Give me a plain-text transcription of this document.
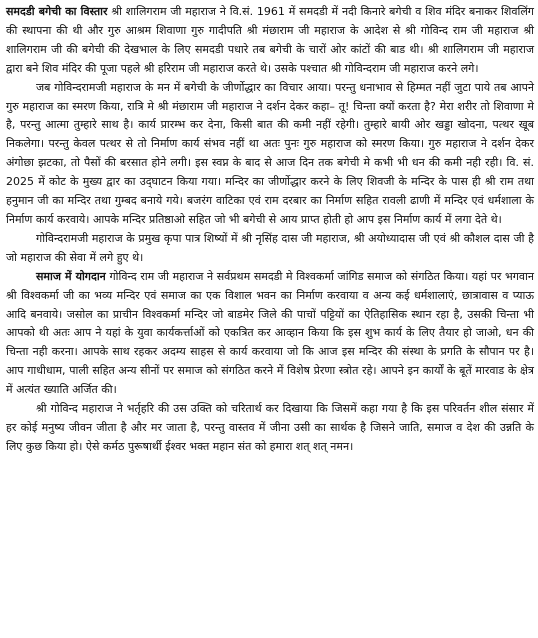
समदडी बगेची का विस्तार श्री शालिगराम जी महाराज ने वि.सं. 1961 में समदडी में नदी किनारे बगेची व शिव मंदिर बनाकर शिवलिंग की स्थापना की थी और गुरु आश्रम शिवाणा गुरु गादीपति श्री मंछाराम जी महाराज के आदेश से श्री गोविन्द राम जी महाराज श्री शालिगराम जी की बगेची की देखभाल के लिए समदडी पधारे तब बगेची के चारों ओर कांटों की बाड थी। श्री शालिगराम जी महाराज द्वारा बने शिव मंदिर की पूजा पहले श्री हरिराम जी महाराज करते थे। उसके पश्चात श्री गोविन्दराम जी महाराज करने लगे।

जब गोविन्दरामजी महाराज के मन में बगेची के जीर्णोद्धार का विचार आया। परन्तु धनाभाव से हिम्मत नहीं जुटा पाये तब आपने गुरु महाराज का स्मरण किया, रात्रि मे श्री मंछाराम जी महाराज ने दर्शन देकर कहा– तू! चिन्ता क्यों करता है? मेरा शरीर तो शिवाणा मे है, परन्तु आत्मा तुम्हारे साथ है। कार्य प्रारम्भ कर देना, किसी बात की कमी नहीं रहेगी। तुम्हारे बायी ओर खड्डा खोदना, पत्थर खूब निकलेगा। परन्तु केवल पत्थर से तो निर्माण कार्य संभव नहीं था अतः पुनः गुरु महाराज को स्मरण किया। गुरु महाराज ने दर्शन देकर अंगोछा झटका, तो पैसों की बरसात होने लगी। इस स्वप्न के बाद से आज दिन तक बगेची मे कभी भी धन की कमी नही रही। वि. सं. 2025 में कोट के मुख्य द्वार का उद्‌घाटन किया गया। मन्दिर का जीर्णोद्धार करने के लिए शिवजी के मन्दिर के पास ही श्री राम तथा हनुमान जी का मन्दिर तथा गुम्बद बनाये गये। बजरंग वाटिका एवं राम दरबार का निर्माण सहित रावली ढाणी में मन्दिर एवं धर्मशाला के निर्माण कार्य करवाये। आपके मन्दिर प्रतिष्ठाओ सहित जो भी बगेची से आय प्राप्त होती हो आप इस निर्माण कार्य में लगा देते थे।

गोविन्दरामजी महाराज के प्रमुख कृपा पात्र शिष्यों में श्री नृसिंह दास जी महाराज, श्री अयोध्यादास जी एवं श्री कौशल दास जी है जो महाराज की सेवा में लगे हुए थे।

समाज में योगदान गोविन्द राम जी महाराज ने सर्वप्रथम समदडी मे विश्वकर्मा जांगिड समाज को संगठित किया। यहां पर भगवान श्री विश्वकर्मा जी का भव्य मन्दिर एवं समाज का एक विशाल भवन का निर्माण करवाया व अन्य कई धर्मशालाएं, छात्रावास व प्याऊ आदि बनवाये। जसोल का प्राचीन विश्वकर्मा मन्दिर जो बाडमेर जिले की पाचों पट्टियों का ऐतिहासिक स्थान रहा है, उसकी चिन्ता भी आपको थी अतः आप ने यहां के युवा कार्यकर्त्ताओं को एकत्रित कर आव्हान किया कि इस शुभ कार्य के लिए तैयार हो जाओ, धन की चिन्ता नही करना। आपके साथ रहकर अदम्य साहस से कार्य करवाया जो कि आज इस मन्दिर की संस्था के प्रगति के सौपान पर है। आप गाधीधाम, पाली सहित अन्य सीनों पर समाज को संगठित करने में विशेष प्रेरणा स्त्रोत रहे। आपने इन कार्यों के बूतें मारवाड के क्षेत्र में अत्यंत ख्याति अर्जित की।

श्री गोविन्द महाराज ने भर्तृहरि की उस उक्ति को चरितार्थ कर दिखाया कि जिसमें कहा गया है कि इस परिवर्तन शील संसार में हर कोई मनुष्य जीवन जीता है और मर जाता है, परन्तु वास्तव में जीना उसी का सार्थक है जिसने जाति, समाज व देश की उन्नति के लिए कुछ किया हो। ऐसे कर्मठ पुरूषार्थी ईश्वर भक्त महान संत को हमारा शत् शत् नमन।
